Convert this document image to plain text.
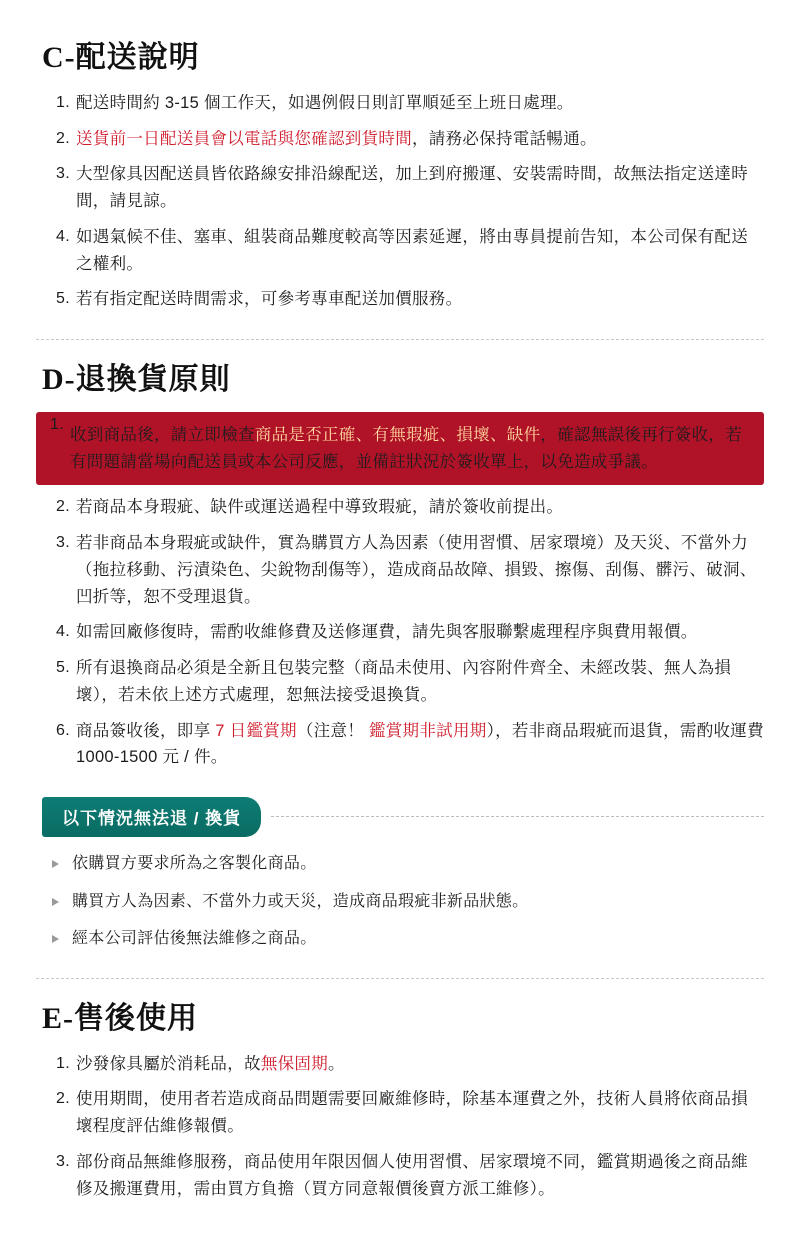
C-配送說明
配送時間約 3-15 個工作天，如遇例假日則訂單順延至上班日處理。
送貨前一日配送員會以電話與您確認到貨時間，請務必保持電話暢通。
大型傢具因配送員皆依路線安排沿線配送，加上到府搬運、安裝需時間，故無法指定送達時間，請見諒。
如遇氣候不佳、塞車、組裝商品難度較高等因素延遲，將由專員提前告知，本公司保有配送之權利。
若有指定配送時間需求，可參考專車配送加價服務。
D-退換貨原則
收到商品後，請立即檢查商品是否正確、有無瑕疵、損壞、缺件，確認無誤後再行簽收，若有問題請當場向配送員或本公司反應，並備註狀況於簽收單上，以免造成爭議。
若商品本身瑕疵、缺件或運送過程中導致瑕疵，請於簽收前提出。
若非商品本身瑕疵或缺件，實為購買方人為因素（使用習慣、居家環境）及天災、不當外力（拖拉移動、污漬染色、尖銳物刮傷等），造成商品故障、損毀、擦傷、刮傷、髒污、破洞、凹折等，恕不受理退貨。
如需回廠修復時，需酌收維修費及送修運費，請先與客服聯繫處理程序與費用報價。
所有退換商品必須是全新且包裝完整（商品未使用、內容附件齊全、未經改裝、無人為損壞），若未依上述方式處理，恕無法接受退換貨。
商品簽收後，即享 7 日鑑賞期（注意！ 鑑賞期非試用期），若非商品瑕疵而退貨，需酌收運費 1000-1500 元 / 件。
以下情況無法退 / 換貨
依購買方要求所為之客製化商品。
購買方人為因素、不當外力或天災，造成商品瑕疵非新品狀態。
經本公司評估後無法維修之商品。
E-售後使用
沙發傢具屬於消耗品，故無保固期。
使用期間，使用者若造成商品問題需要回廠維修時，除基本運費之外，技術人員將依商品損壞程度評估維修報價。
部份商品無維修服務，商品使用年限因個人使用習慣、居家環境不同，鑑賞期過後之商品維修及搬運費用，需由買方負擔（買方同意報價後賣方派工維修）。
